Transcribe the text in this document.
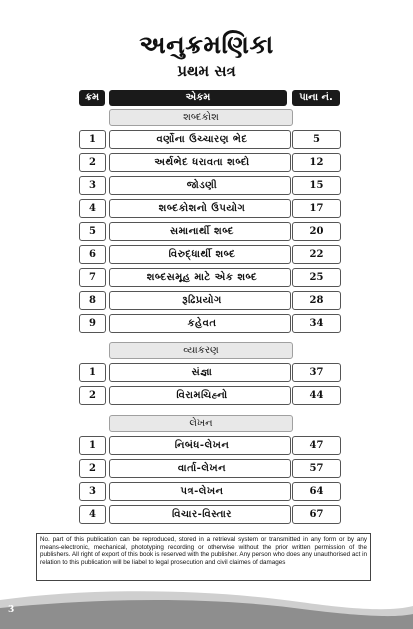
અનુક્રમણિકા
પ્રથમ સત્ર
ક્રમ	એકમ	પાના નં.
શબ્દકોશ
1	વર્ણોના ઉચ્ચારણ ભેદ	5
2	અર્થભેદ ધરાવતા શબ્દો	12
3	જોડણી	15
4	શબ્દકોશનો ઉપયોગ	17
5	સમાનાર્થી શબ્દ	20
6	વિરુદ્ધાર્થી શબ્દ	22
7	શબ્દસમૂહ માટે એક શબ્દ	25
8	રૂઢિપ્રયોગ	28
9	કહેવત	34
વ્યાકરણ
1	સંજ્ઞા	37
2	વિરામચિહ્નો	44
લેખન
1	નિબંધ-લેખન	47
2	વાર્તા-લેખન	57
3	પત્ર-લેખન	64
4	વિચાર-વિસ્તાર	67
No. part of this publication can be reproduced, stored in a retrieval system or transmitted in any form or by any means-electronic, mechanical, phototyping recording or otherwise without the prior written permission of the publishers. All right of export of this book is reserved with the publisher. Any person who does any unauthorised act in relation to this publication will be liabel to legal prosecution and civil claimes of damages
3
